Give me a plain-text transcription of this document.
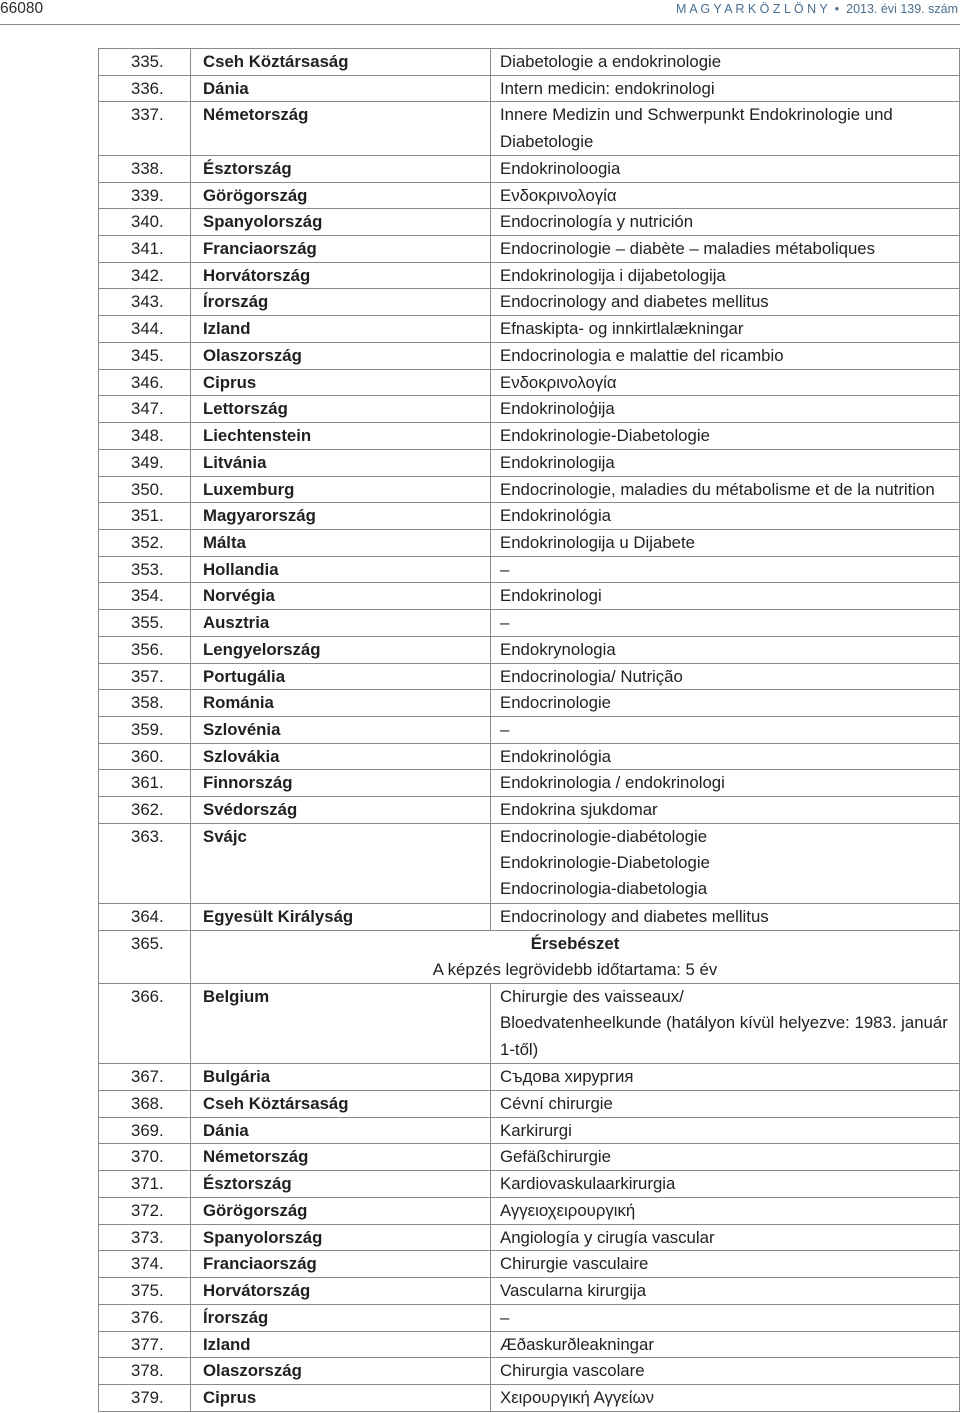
66080	M A G Y A R K Ö Z L Ö N Y • 2013. évi 139. szám
335.	Cseh Köztársaság	Diabetologie a endokrinologie
336.	Dánia	Intern medicin: endokrinologi
337.	Németország	Innere Medizin und Schwerpunkt Endokrinologie und
Diabetologie
338.	Észtország	Endokrinoloogia
339.	Görögország	Ενδοκρινολογία
340.	Spanyolország	Endocrinología y nutrición
341.	Franciaország	Endocrinologie – diabète – maladies métaboliques
342.	Horvátország	Endokrinologija i dijabetologija
343.	Írország	Endocrinology and diabetes mellitus
344.	Izland	Efnaskipta- og innkirtlalækningar
345.	Olaszország	Endocrinologia e malattie del ricambio
346.	Ciprus	Ενδοκρινολογία
347.	Lettország	Endokrinoloģija
348.	Liechtenstein	Endokrinologie-Diabetologie
349.	Litvánia	Endokrinologija
350.	Luxemburg	Endocrinologie, maladies du métabolisme et de la nutrition
351.	Magyarország	Endokrinológia
352.	Málta	Endokrinologija u Dijabete
353.	Hollandia	–
354.	Norvégia	Endokrinologi
355.	Ausztria	–
356.	Lengyelország	Endokrynologia
357.	Portugália	Endocrinologia/ Nutrição
358.	Románia	Endocrinologie
359.	Szlovénia	–
360.	Szlovákia	Endokrinológia
361.	Finnország	Endokrinologia / endokrinologi
362.	Svédország	Endokrina sjukdomar
363.	Svájc	Endocrinologie-diabétologie
Endokrinologie-Diabetologie
Endocrinologia-diabetologia
364.	Egyesült Királyság	Endocrinology and diabetes mellitus
365.	Érsebészet
A képzés legrövidebb időtartama: 5 év
366.	Belgium	Chirurgie des vaisseaux/
Bloedvatenheelkunde (hatályon kívül helyezve: 1983. január
1-től)
367.	Bulgária	Съдова хирургия
368.	Cseh Köztársaság	Cévní chirurgie
369.	Dánia	Karkirurgi
370.	Németország	Gefäßchirurgie
371.	Észtország	Kardiovaskulaarkirurgia
372.	Görögország	Αγγειοχειρουργική
373.	Spanyolország	Angiología y cirugía vascular
374.	Franciaország	Chirurgie vasculaire
375.	Horvátország	Vascularna kirurgija
376.	Írország	–
377.	Izland	Æðaskurðleakningar
378.	Olaszország	Chirurgia vascolare
379.	Ciprus	Χειρουργική Αγγείων
